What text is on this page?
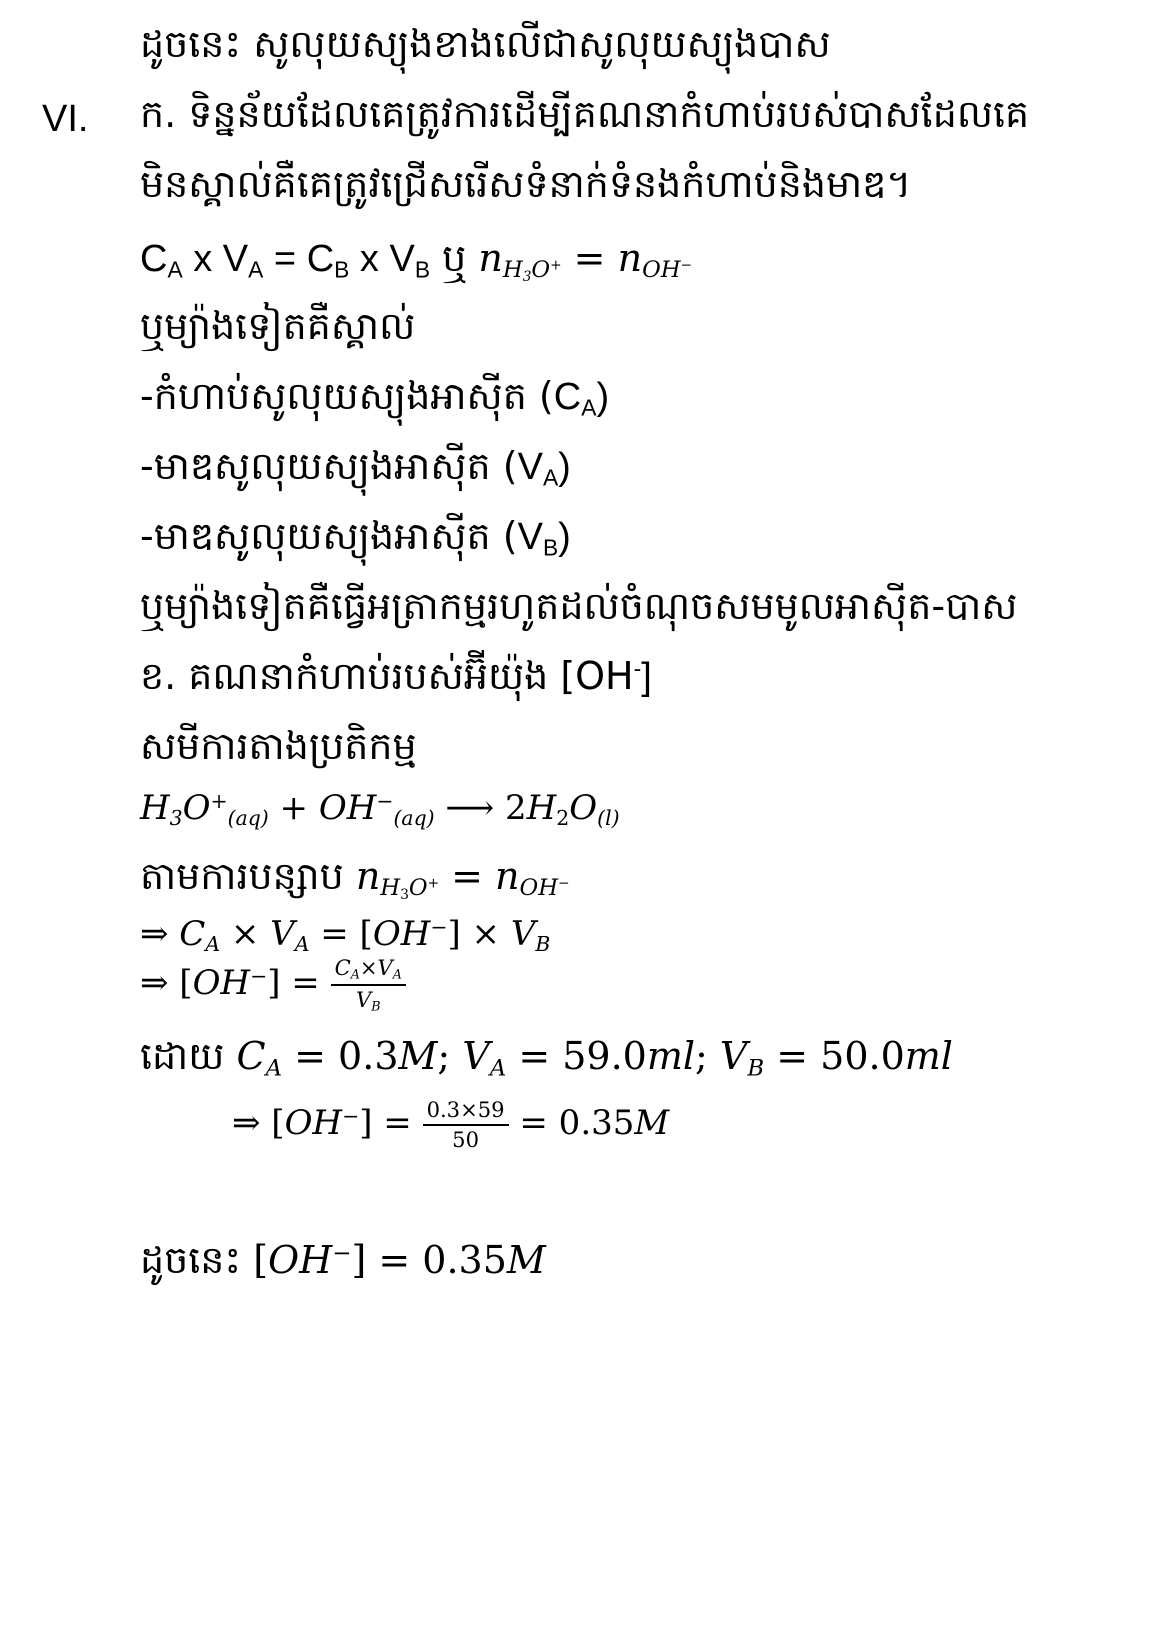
ដូចនេះ សូលុយស្យុងខាងលើជាសូលុយស្យុងបាស
VI. ក. ទិន្នន័យដែលគេត្រូវការដើម្បីគណនាកំហាប់របស់បាសដែលគេ
មិនស្គាល់គឺគេត្រូវជ្រើសរើសទំនាក់ទំនងកំហាប់និងមាឌ។
$C_A$ x $V_A = C_B$ x $V_B$ ឬ $n_{H_3O^+} = n_{OH^-}$
ឬម្យ៉ាងទៀតគឺស្គាល់
-កំហាប់សូលុយស្យុងអាស៊ីត $(C_A)$
-មាឌសូលុយស្យុងអាស៊ីត $(V_A)$
-មាឌសូលុយស្យុងអាស៊ីត $(V_B)$
ឬម្យ៉ាងទៀតគឺធ្វើអត្រាកម្មរហូតដល់ចំណុចសមមូលអាស៊ីត-បាស
ខ. គណនាកំហាប់របស់អ៊ីយ៉ុង [OH-]
សមីការតាងប្រតិកម្ម
$H_3O^+_{(aq)} + OH^-_{(aq)}$ ⟶ $2H_2O_{(l)}$
តាមការបន្សាប $n_{H_3O^+} = n_{OH^-}$
⇒ $C_A \times V_A = [OH^-] \times V_B$
⇒ $[OH^-] = \frac{C_A\times V_A}{V_B}$
ដោយ $C_A = 0.3M$; $V_A = 59.0ml$; $V_B = 50.0ml$
⇒ $[OH^-] = \frac{0.3\times 59}{50} = 0.35M$
ដូចនេះ [OH−] = 0.35M
